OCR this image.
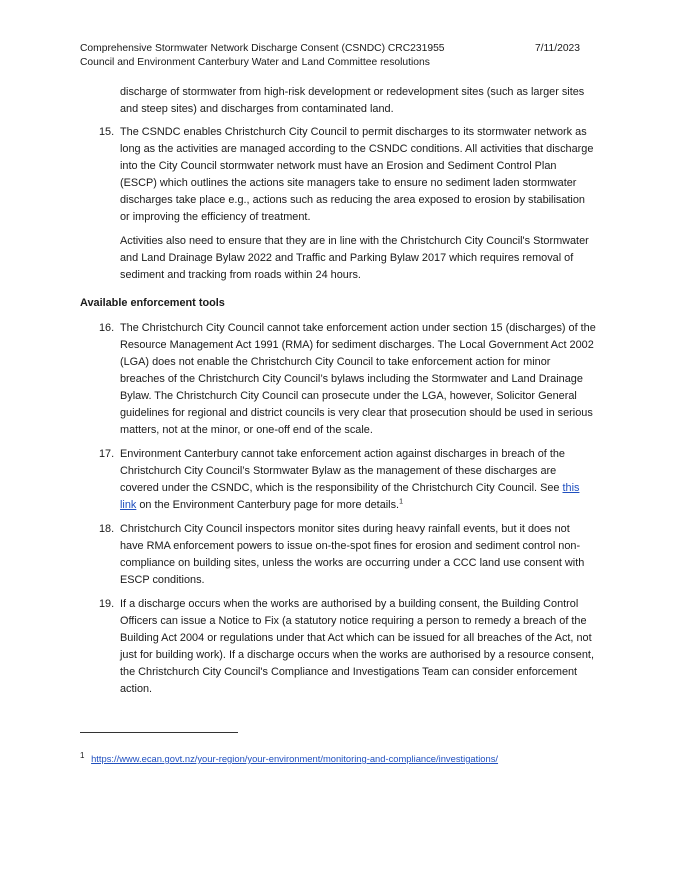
Comprehensive Stormwater Network Discharge Consent (CSNDC) CRC231955
Council and Environment Canterbury Water and Land Committee resolutions
7/11/2023

discharge of stormwater from high-risk development or redevelopment sites (such as larger sites and steep sites) and discharges from contaminated land.

15. The CSNDC enables Christchurch City Council to permit discharges to its stormwater network as long as the activities are managed according to the CSNDC conditions. All activities that discharge into the City Council stormwater network must have an Erosion and Sediment Control Plan (ESCP) which outlines the actions site managers take to ensure no sediment laden stormwater discharges take place e.g., actions such as reducing the area exposed to erosion by stabilisation or improving the efficiency of treatment.

Activities also need to ensure that they are in line with the Christchurch City Council's Stormwater and Land Drainage Bylaw 2022 and Traffic and Parking Bylaw 2017 which requires removal of sediment and tracking from roads within 24 hours.

Available enforcement tools
16. The Christchurch City Council cannot take enforcement action under section 15 (discharges) of the Resource Management Act 1991 (RMA) for sediment discharges. The Local Government Act 2002 (LGA) does not enable the Christchurch City Council to take enforcement action for minor breaches of the Christchurch City Council’s bylaws including the Stormwater and Land Drainage Bylaw. The Christchurch City Council can prosecute under the LGA, however, Solicitor General guidelines for regional and district councils is very clear that prosecution should be used in serious matters, not at the minor, or one-off end of the scale.

17. Environment Canterbury cannot take enforcement action against discharges in breach of the Christchurch City Council’s Stormwater Bylaw as the management of these discharges are covered under the CSNDC, which is the responsibility of the Christchurch City Council. See this link on the Environment Canterbury page for more details.$^1$

18. Christchurch City Council inspectors monitor sites during heavy rainfall events, but it does not have RMA enforcement powers to issue on-the-spot fines for erosion and sediment control non-compliance on building sites, unless the works are occurring under a CCC land use consent with ESCP conditions.

19. If a discharge occurs when the works are authorised by a building consent, the Building Control Officers can issue a Notice to Fix (a statutory notice requiring a person to remedy a breach of the Building Act 2004 or regulations under that Act which can be issued for all breaches of the Act, not just for building work). If a discharge occurs when the works are authorised by a resource consent, the Christchurch City Council's Compliance and Investigations Team can consider enforcement action.

1 https://www.ecan.govt.nz/your-region/your-environment/monitoring-and-compliance/investigations/
